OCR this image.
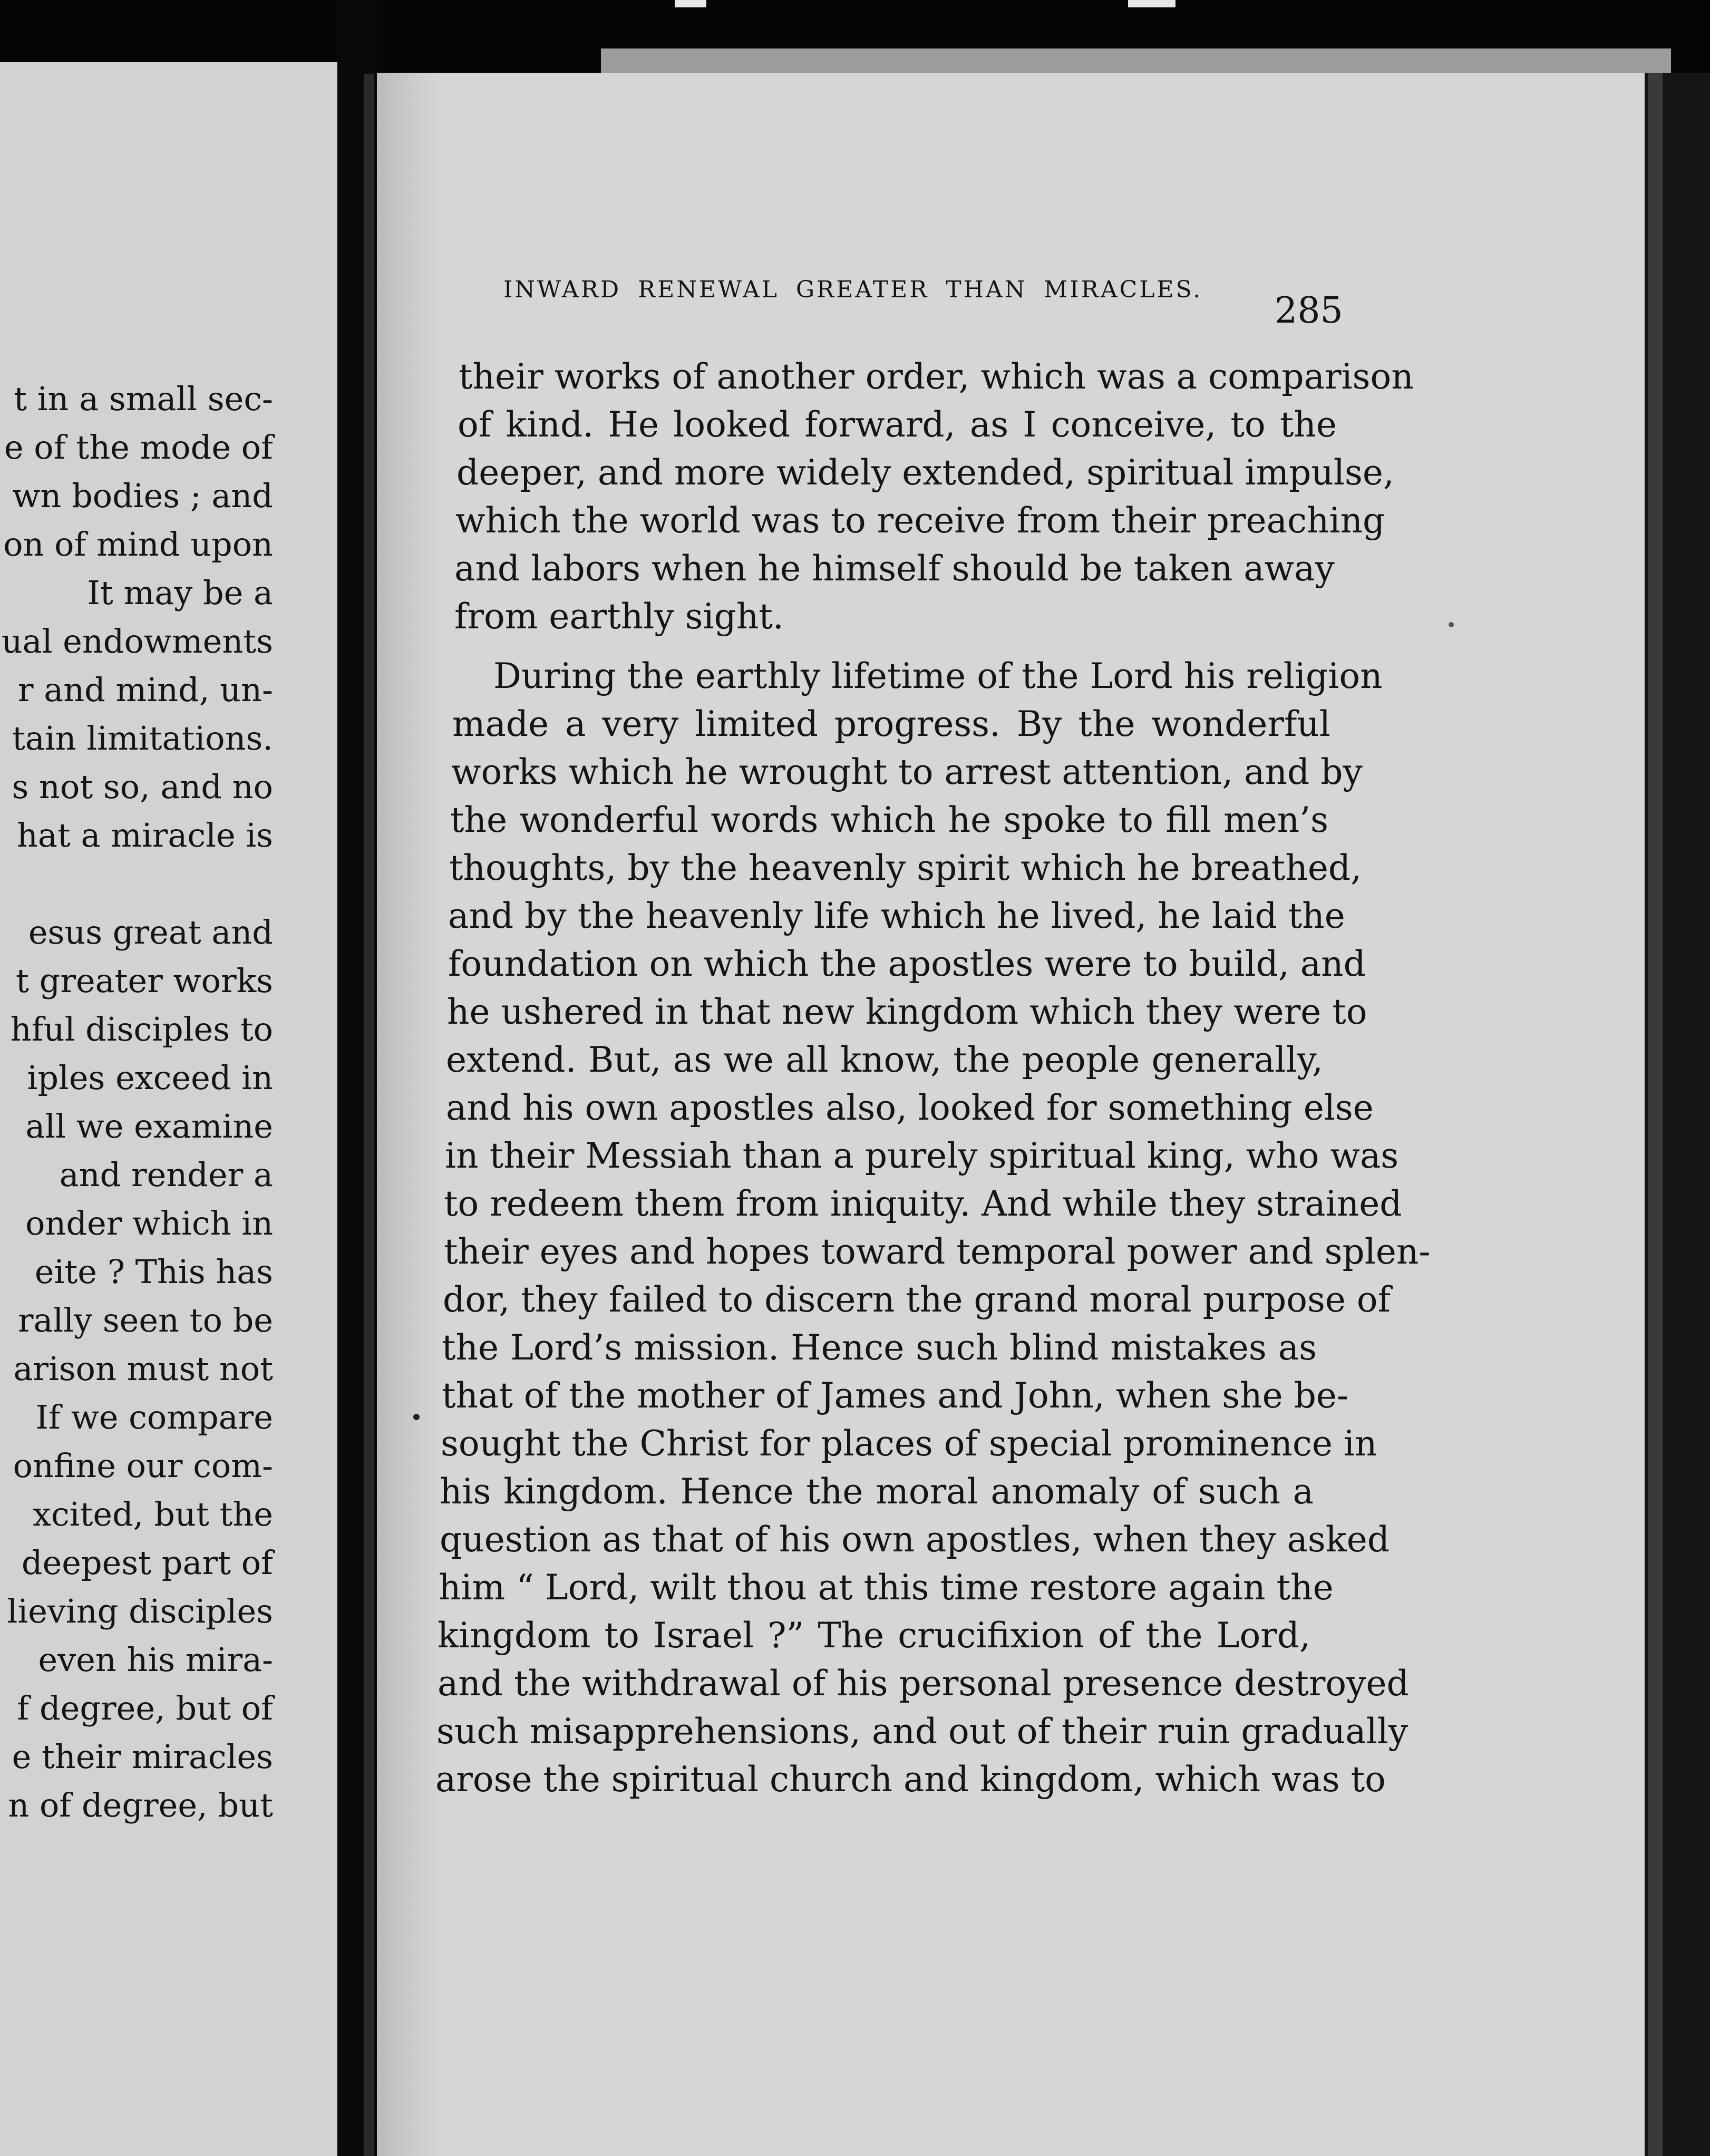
t in a small sec-
e of the mode of
wn bodies ; and
on of mind upon
It may be a
ual endowments
r and mind, un-
tain limitations.
s not so, and no
hat a miracle is
esus great and
t greater works
hful disciples to
iples exceed in
all we examine
and render a
onder which in
eite ? This has
rally seen to be
arison must not
If we compare
onfine our com-
xcited, but the
deepest part of
lieving disciples
even his mira-
f degree, but of
e their miracles
n of degree, but
INWARD RENEWAL GREATER THAN MIRACLES.
285
their works of another order, which was a comparison
of kind. He looked forward, as I conceive, to the
deeper, and more widely extended, spiritual impulse,
which the world was to receive from their preaching
and labors when he himself should be taken away
from earthly sight.
During the earthly lifetime of the Lord his religion
made a very limited progress. By the wonderful
works which he wrought to arrest attention, and by
the wonderful words which he spoke to fill men’s
thoughts, by the heavenly spirit which he breathed,
and by the heavenly life which he lived, he laid the
foundation on which the apostles were to build, and
he ushered in that new kingdom which they were to
extend. But, as we all know, the people generally,
and his own apostles also, looked for something else
in their Messiah than a purely spiritual king, who was
to redeem them from iniquity. And while they strained
their eyes and hopes toward temporal power and splen-
dor, they failed to discern the grand moral purpose of
the Lord’s mission. Hence such blind mistakes as
that of the mother of James and John, when she be-
sought the Christ for places of special prominence in
his kingdom. Hence the moral anomaly of such a
question as that of his own apostles, when they asked
him “ Lord, wilt thou at this time restore again the
kingdom to Israel ?” The crucifixion of the Lord,
and the withdrawal of his personal presence destroyed
such misapprehensions, and out of their ruin gradually
arose the spiritual church and kingdom, which was to
